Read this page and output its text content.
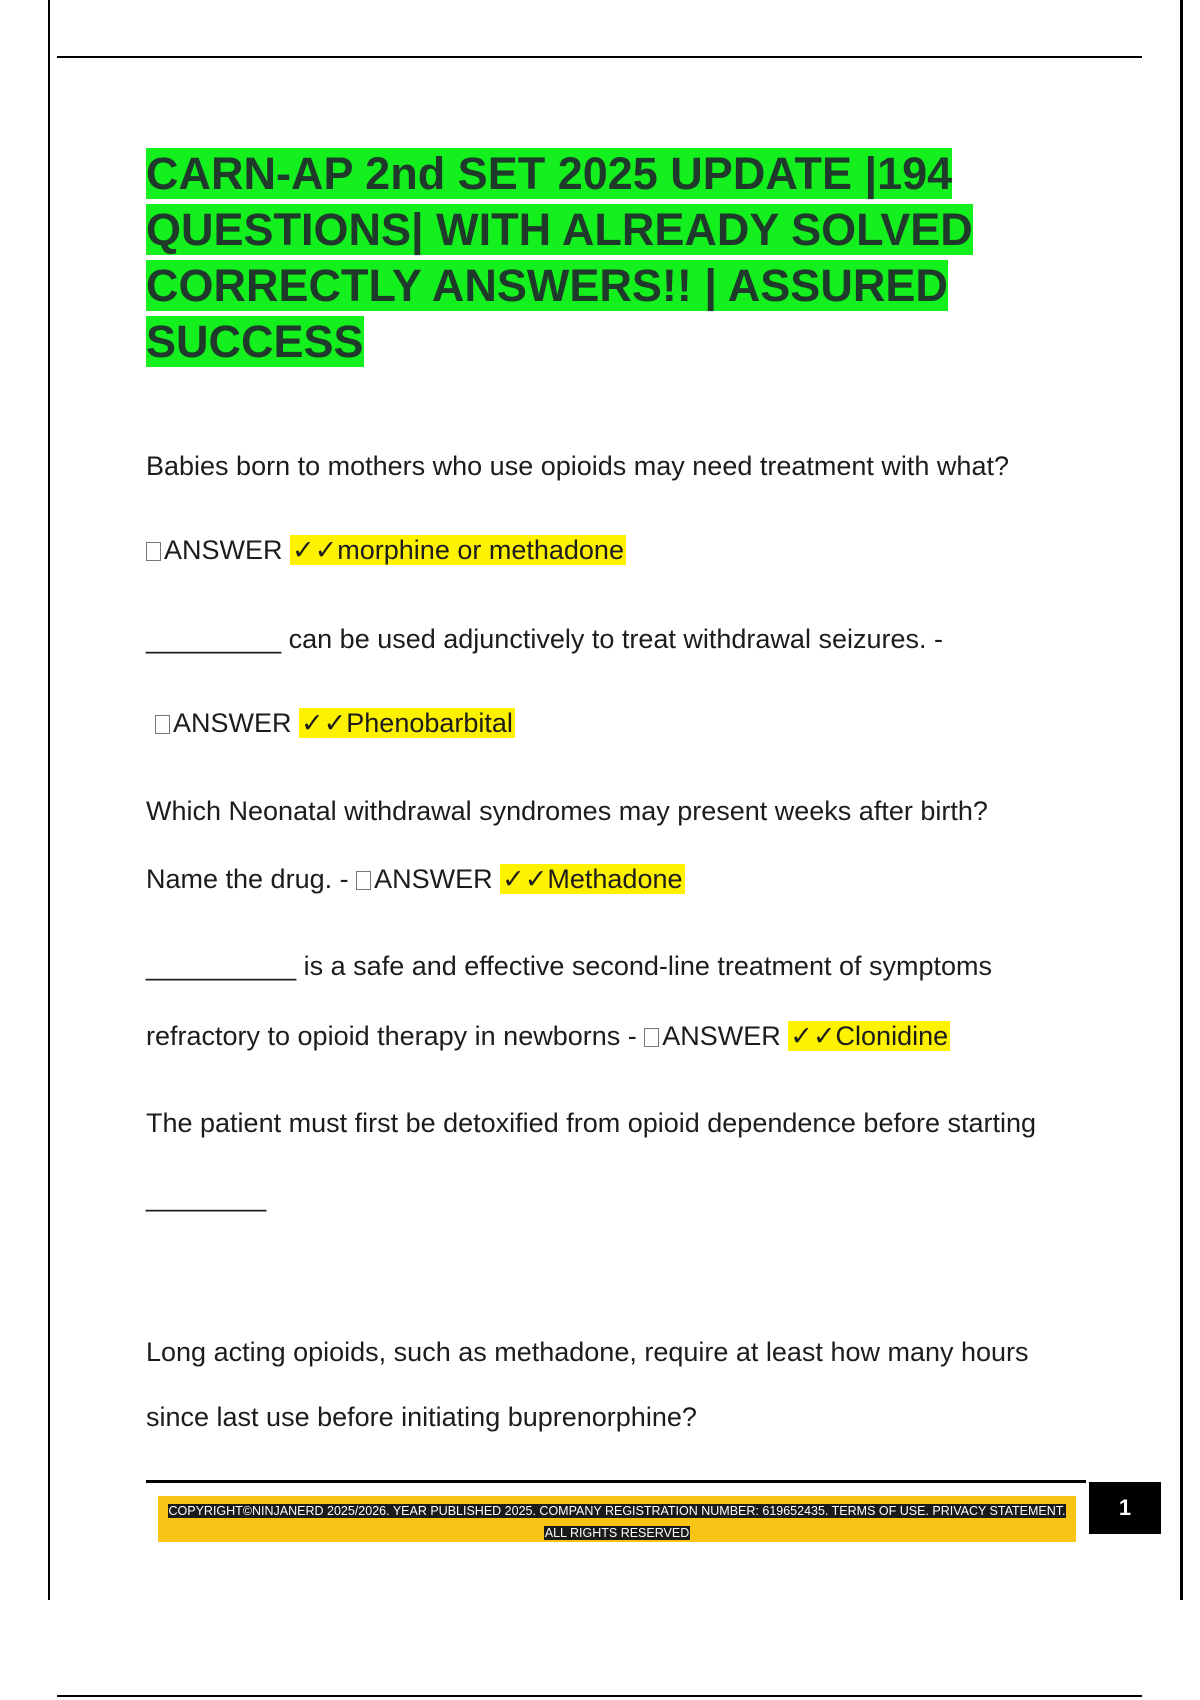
CARN-AP 2nd SET 2025 UPDATE |194 QUESTIONS| WITH ALREADY SOLVED CORRECTLY ANSWERS!! | ASSURED SUCCESS
Babies born to mothers who use opioids may need treatment with what?
ANSWER ✓✓morphine or methadone
_________ can be used adjunctively to treat withdrawal seizures. -
ANSWER ✓✓Phenobarbital
Which Neonatal withdrawal syndromes may present weeks after birth?
Name the drug. - ANSWER ✓✓Methadone
__________ is a safe and effective second-line treatment of symptoms
refractory to opioid therapy in newborns - ANSWER ✓✓Clonidine
The patient must first be detoxified from opioid dependence before starting
________
Long acting opioids, such as methadone, require at least how many hours
since last use before initiating buprenorphine?
COPYRIGHT©NINJANERD 2025/2026. YEAR PUBLISHED 2025. COMPANY REGISTRATION NUMBER: 619652435. TERMS OF USE. PRIVACY STATEMENT. ALL RIGHTS RESERVED
1
